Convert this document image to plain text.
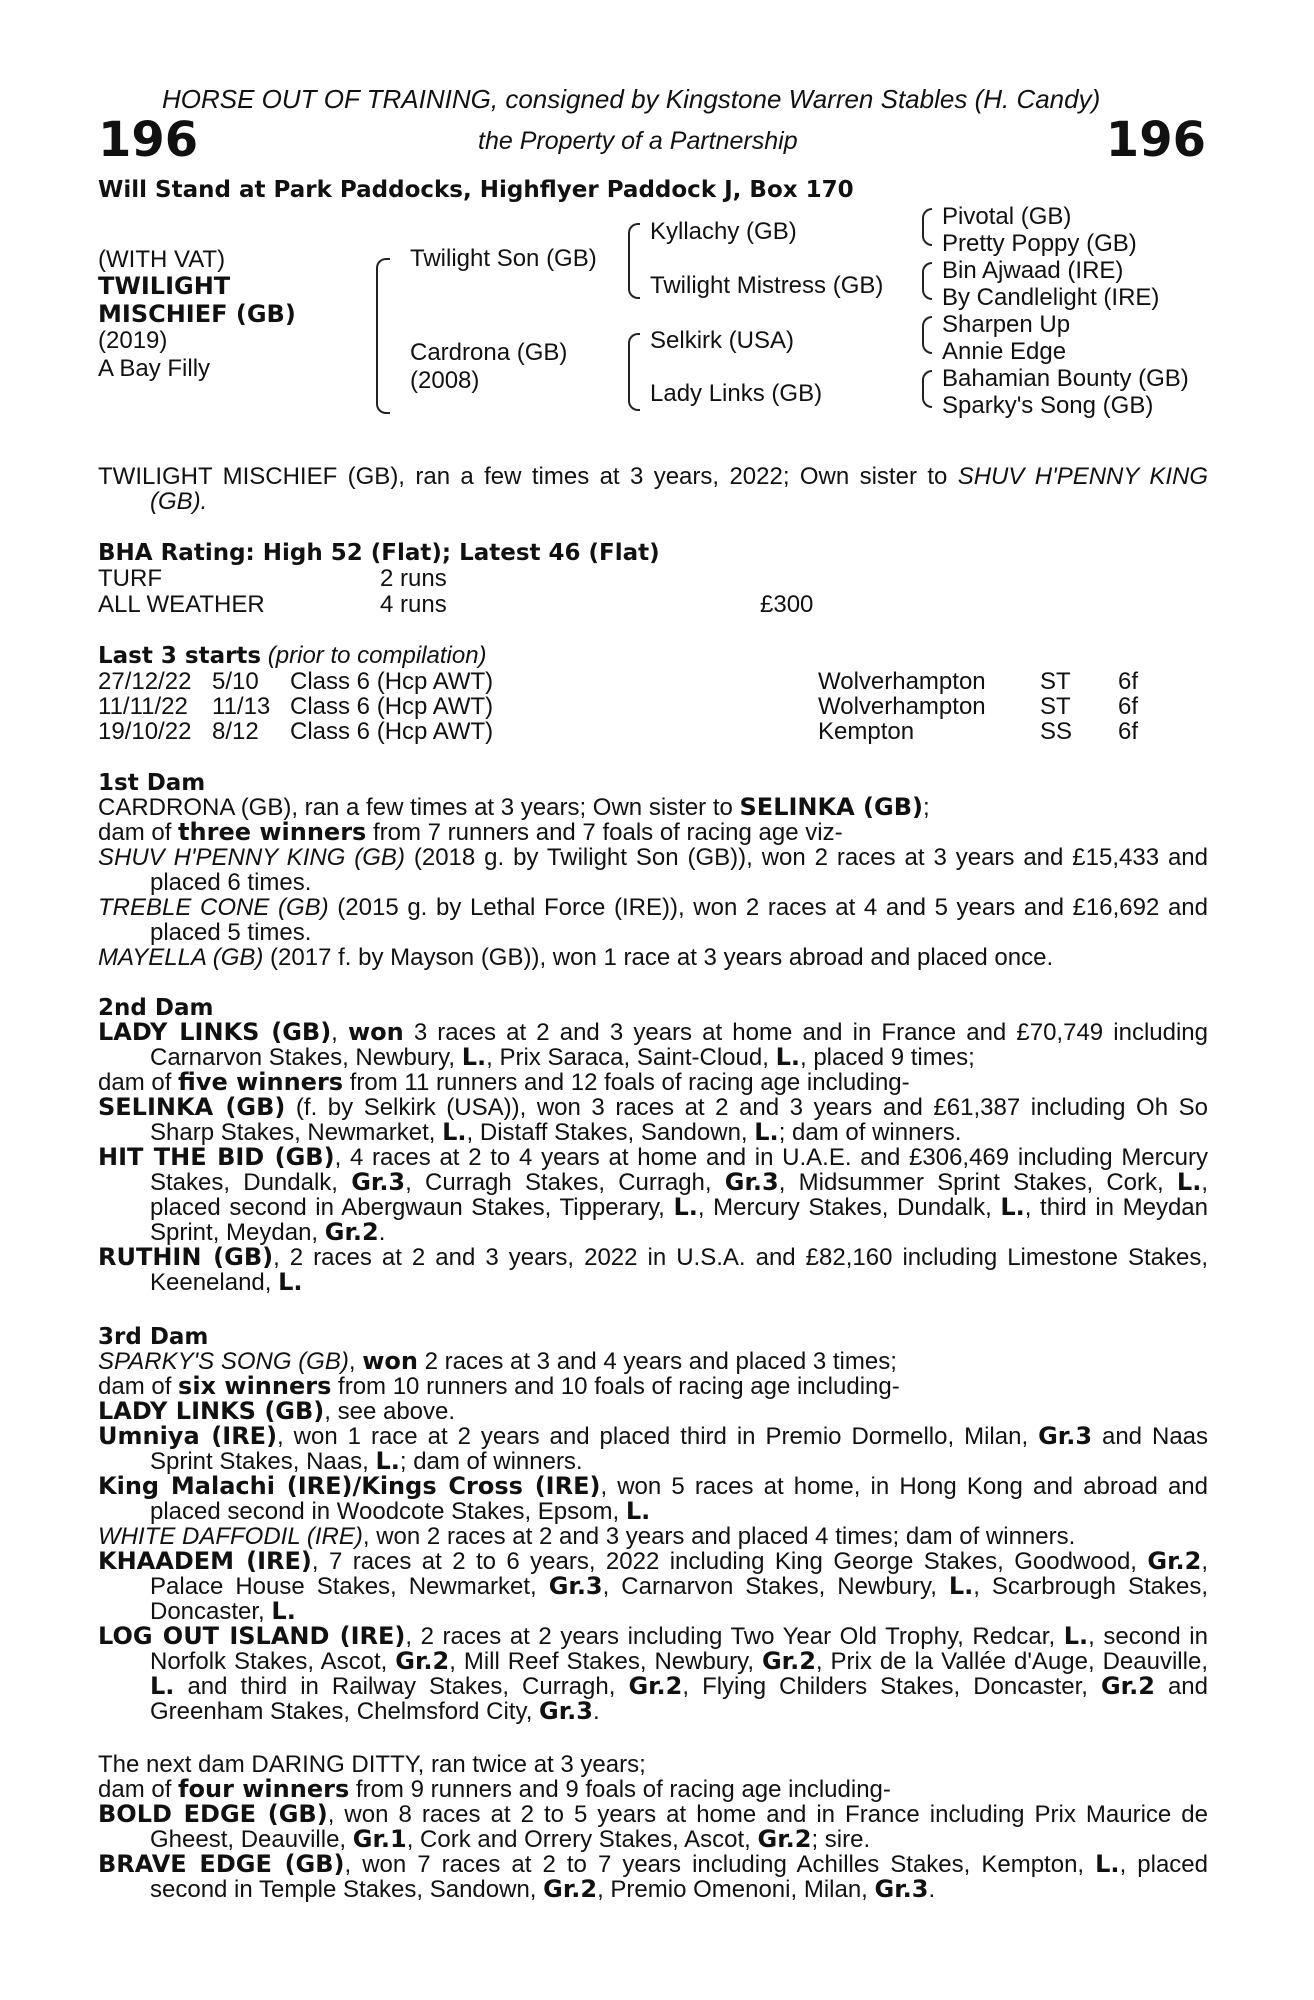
HORSE OUT OF TRAINING, consigned by Kingstone Warren Stables (H. Candy)
196	the Property of a Partnership	196
Will Stand at Park Paddocks, Highflyer Paddock J, Box 170
(WITH VAT)
TWILIGHT
MISCHIEF (GB)
(2019)
A Bay Filly
Twilight Son (GB)
Cardrona (GB)
(2008)
Kyllachy (GB)
Twilight Mistress (GB)
Selkirk (USA)
Lady Links (GB)
Pivotal (GB)
Pretty Poppy (GB)
Bin Ajwaad (IRE)
By Candlelight (IRE)
Sharpen Up
Annie Edge
Bahamian Bounty (GB)
Sparky's Song (GB)

TWILIGHT MISCHIEF (GB), ran a few times at 3 years, 2022; Own sister to SHUV H'PENNY KING (GB).

BHA Rating: High 52 (Flat); Latest 46 (Flat)
TURF	2 runs
ALL WEATHER	4 runs	£300
Last 3 starts (prior to compilation)
27/12/22 5/10 Class 6 (Hcp AWT)	Wolverhampton ST 6f
11/11/22 11/13 Class 6 (Hcp AWT)	Wolverhampton ST 6f
19/10/22 8/12 Class 6 (Hcp AWT)	Kempton	SS 6f
1st Dam

CARDRONA (GB), ran a few times at 3 years; Own sister to SELINKA (GB);

dam of three winners from 7 runners and 7 foals of racing age viz-

SHUV H'PENNY KING (GB) (2018 g. by Twilight Son (GB)), won 2 races at 3 years and £15,433 and placed 6 times.

TREBLE CONE (GB) (2015 g. by Lethal Force (IRE)), won 2 races at 4 and 5 years and £16,692 and placed 5 times.

MAYELLA (GB) (2017 f. by Mayson (GB)), won 1 race at 3 years abroad and placed once.

2nd Dam

LADY LINKS (GB), won 3 races at 2 and 3 years at home and in France and £70,749 including Carnarvon Stakes, Newbury, L., Prix Saraca, Saint-Cloud, L., placed 9 times;

dam of five winners from 11 runners and 12 foals of racing age including-

SELINKA (GB) (f. by Selkirk (USA)), won 3 races at 2 and 3 years and £61,387 including Oh So Sharp Stakes, Newmarket, L., Distaff Stakes, Sandown, L.; dam of winners.

HIT THE BID (GB), 4 races at 2 to 4 years at home and in U.A.E. and £306,469 including Mercury Stakes, Dundalk, Gr.3, Curragh Stakes, Curragh, Gr.3, Midsummer Sprint Stakes, Cork, L., placed second in Abergwaun Stakes, Tipperary, L., Mercury Stakes, Dundalk, L., third in Meydan Sprint, Meydan, Gr.2.

RUTHIN (GB), 2 races at 2 and 3 years, 2022 in U.S.A. and £82,160 including Limestone Stakes, Keeneland, L.

3rd Dam

SPARKY'S SONG (GB), won 2 races at 3 and 4 years and placed 3 times;

dam of six winners from 10 runners and 10 foals of racing age including-

LADY LINKS (GB), see above.

Umniya (IRE), won 1 race at 2 years and placed third in Premio Dormello, Milan, Gr.3 and Naas Sprint Stakes, Naas, L.; dam of winners.

King Malachi (IRE)/Kings Cross (IRE), won 5 races at home, in Hong Kong and abroad and placed second in Woodcote Stakes, Epsom, L.

WHITE DAFFODIL (IRE), won 2 races at 2 and 3 years and placed 4 times; dam of winners.

KHAADEM (IRE), 7 races at 2 to 6 years, 2022 including King George Stakes, Goodwood, Gr.2, Palace House Stakes, Newmarket, Gr.3, Carnarvon Stakes, Newbury, L., Scarbrough Stakes, Doncaster, L.

LOG OUT ISLAND (IRE), 2 races at 2 years including Two Year Old Trophy, Redcar, L., second in Norfolk Stakes, Ascot, Gr.2, Mill Reef Stakes, Newbury, Gr.2, Prix de la Vallée d'Auge, Deauville, L. and third in Railway Stakes, Curragh, Gr.2, Flying Childers Stakes, Doncaster, Gr.2 and Greenham Stakes, Chelmsford City, Gr.3.

The next dam DARING DITTY, ran twice at 3 years;

dam of four winners from 9 runners and 9 foals of racing age including-

BOLD EDGE (GB), won 8 races at 2 to 5 years at home and in France including Prix Maurice de Gheest, Deauville, Gr.1, Cork and Orrery Stakes, Ascot, Gr.2; sire.

BRAVE EDGE (GB), won 7 races at 2 to 7 years including Achilles Stakes, Kempton, L., placed second in Temple Stakes, Sandown, Gr.2, Premio Omenoni, Milan, Gr.3.
